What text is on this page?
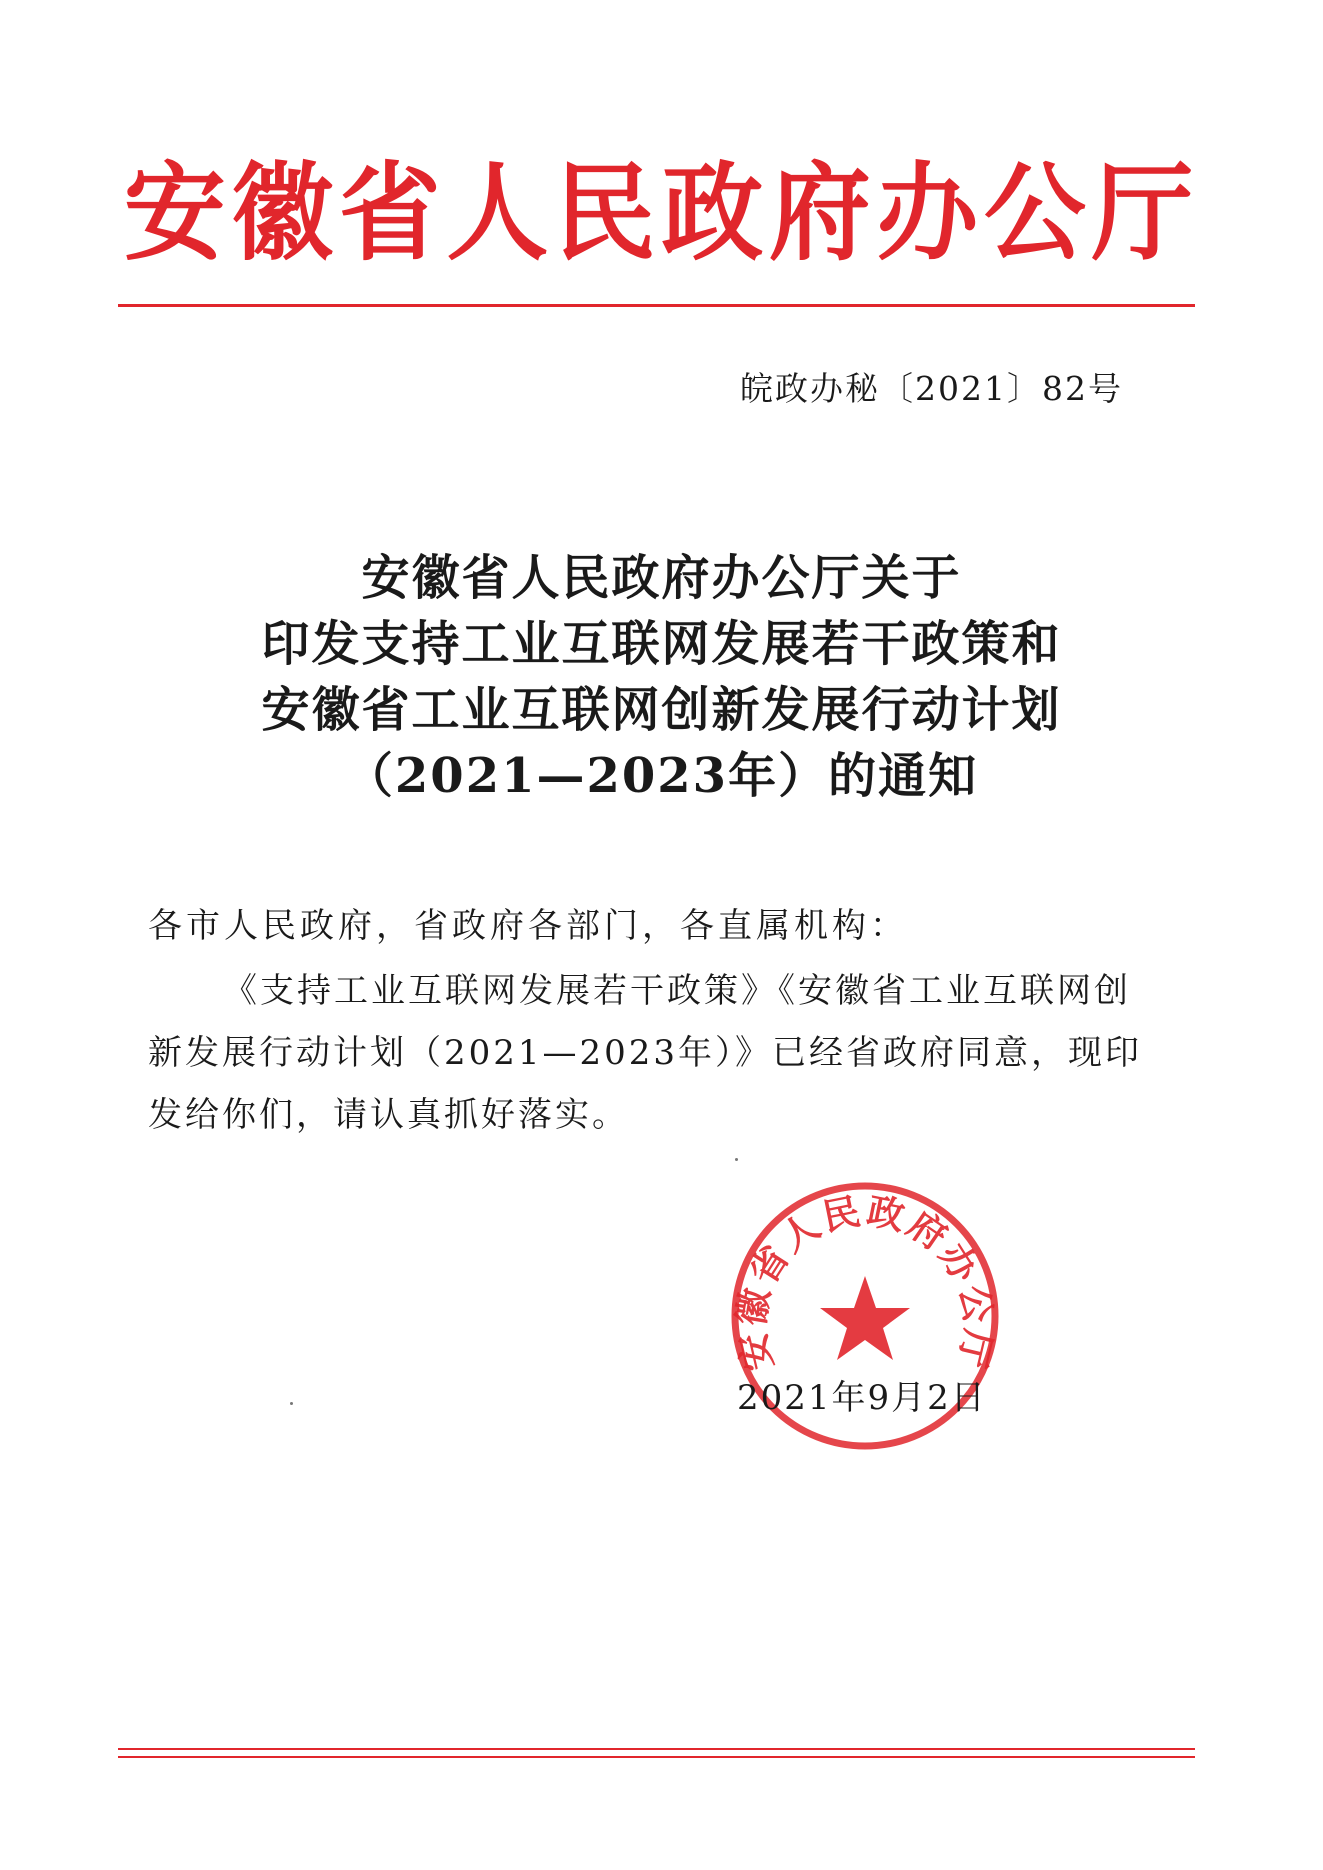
安徽省人民政府办公厅
皖政办秘〔2021〕82号
安徽省人民政府办公厅关于
印发支持工业互联网发展若干政策和
安徽省工业互联网创新发展行动计划
（2021—2023年）的通知
各市人民政府，省政府各部门，各直属机构：
《支持工业互联网发展若干政策》《安徽省工业互联网创新发展行动计划（2021—2023年）》已经省政府同意，现印发给你们，请认真抓好落实。
安徽省人民政府办公厅
2021年9月2日
